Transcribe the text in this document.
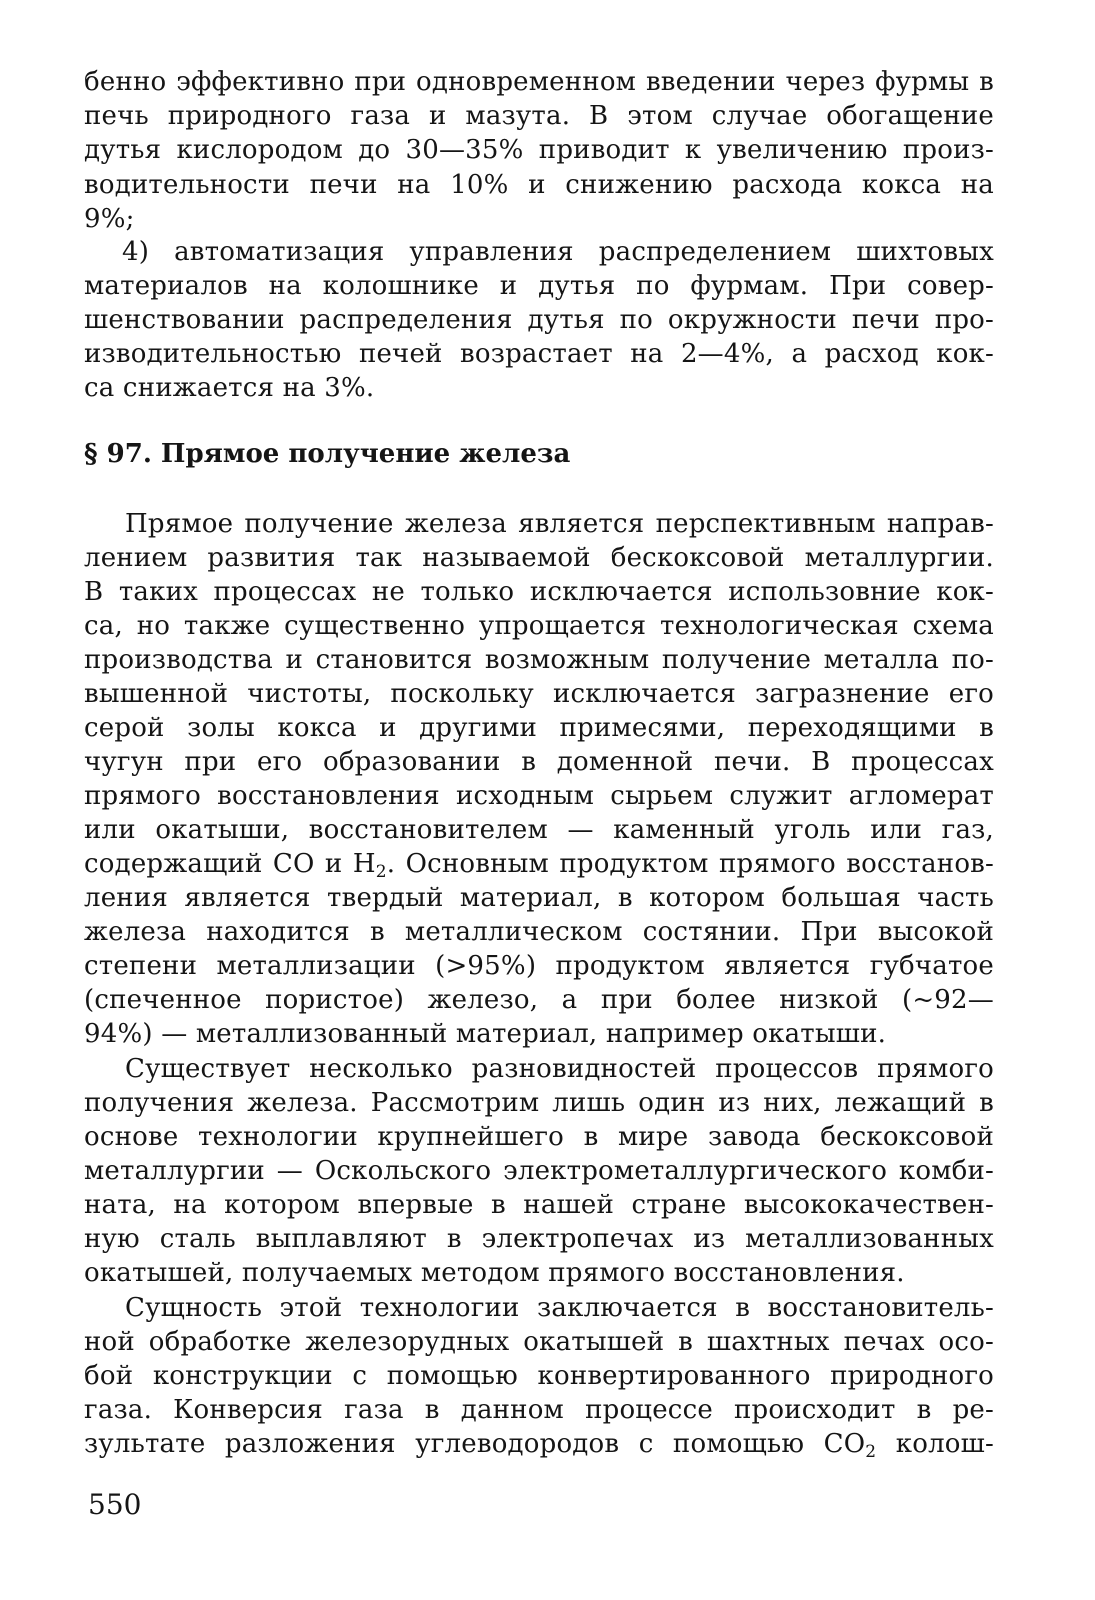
бенно эффективно при одновременном введении через фурмы в
печь природного газа и мазута. В этом случае обогащение
дутья кислородом до 30—35% приводит к увеличению произ-
водительности печи на 10% и снижению расхода кокса на
9%;
4) автоматизация управления распределением шихтовых
материалов на колошнике и дутья по фурмам. При совер-
шенствовании распределения дутья по окружности печи про-
изводительностью печей возрастает на 2—4%, а расход кок-
са снижается на 3%.
§ 97. Прямое получение железа
Прямое получение железа является перспективным направ-
лением развития так называемой бескоксовой металлургии.
В таких процессах не только исключается использовние кок-
са, но также существенно упрощается технологическая схема
производства и становится возможным получение металла по-
вышенной чистоты, поскольку исключается загразнение его
серой золы кокса и другими примесями, переходящими в
чугун при его образовании в доменной печи. В процессах
прямого восстановления исходным сырьем служит агломерат
или окатыши, восстановителем — каменный уголь или газ,
содержащий СО и $Н_2$. Основным продуктом прямого восстанов-
ления является твердый материал, в котором большая часть
железа находится в металлическом состянии. При высокой
степени металлизации (>95%) продуктом является губчатое
(спеченное пористое) железо, а при более низкой (~92—
94%) — металлизованный материал, например окатыши.
Существует несколько разновидностей процессов прямого
получения железа. Рассмотрим лишь один из них, лежащий в
основе технологии крупнейшего в мире завода бескоксовой
металлургии — Оскольского электрометаллургического комби-
ната, на котором впервые в нашей стране высококачествен-
ную сталь выплавляют в электропечах из металлизованных
окатышей, получаемых методом прямого восстановления.
Сущность этой технологии заключается в восстановитель-
ной обработке железорудных окатышей в шахтных печах осо-
бой конструкции с помощью конвертированного природного
газа. Конверсия газа в данном процессе происходит в ре-
зультате разложения углеводородов с помощью $СО_2$ колош-
550
